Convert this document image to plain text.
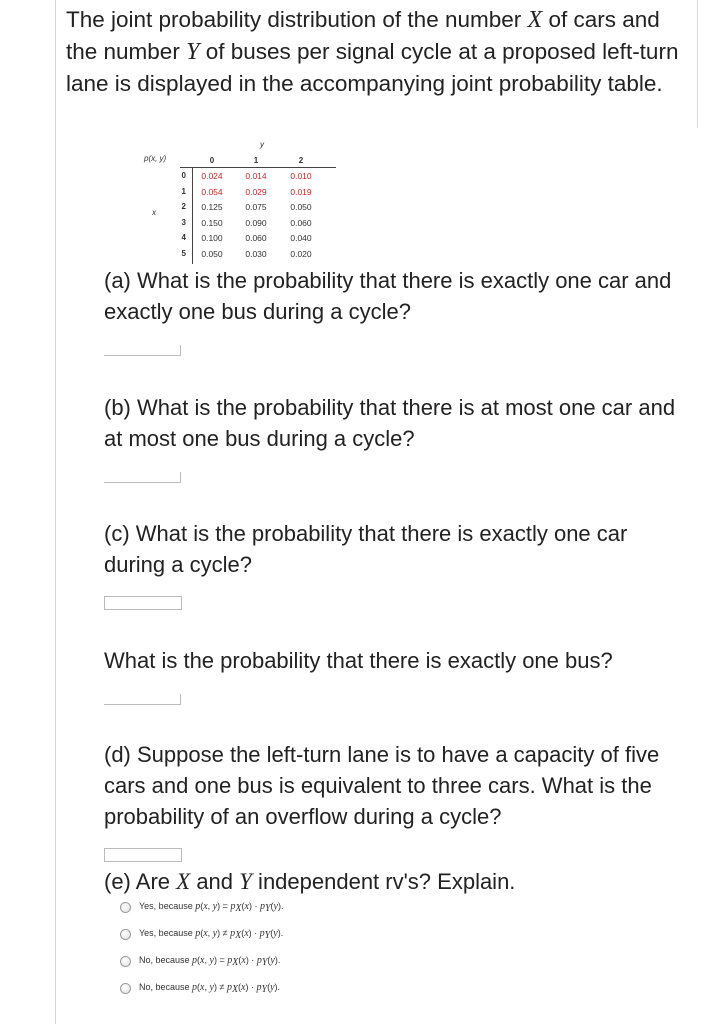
The joint probability distribution of the number X of cars and the number Y of buses per signal cycle at a proposed left-turn lane is displayed in the accompanying joint probability table.

y
p(x, y)
x
0	1	2
0	0.024	0.014	0.010
1	0.054	0.029	0.019
2	0.125	0.075	0.050
3	0.150	0.090	0.060
4	0.100	0.060	0.040
5	0.050	0.030	0.020

(a) What is the probability that there is exactly one car and exactly one bus during a cycle?

(b) What is the probability that there is at most one car and at most one bus during a cycle?

(c) What is the probability that there is exactly one car during a cycle?

What is the probability that there is exactly one bus?

(d) Suppose the left-turn lane is to have a capacity of five cars and one bus is equivalent to three cars. What is the probability of an overflow during a cycle?

(e) Are X and Y independent rv's? Explain.

Yes, because p(x, $y) = p_X(x) \cdot p_Y(y)$.
Yes, because p(x, $y) \ne p_X(x) \cdot p_Y(y)$.
No, because p(x, $y) = p_X(x) \cdot p_Y(y)$.
No, because p(x, $y) \ne p_X(x) \cdot p_Y(y)$.
